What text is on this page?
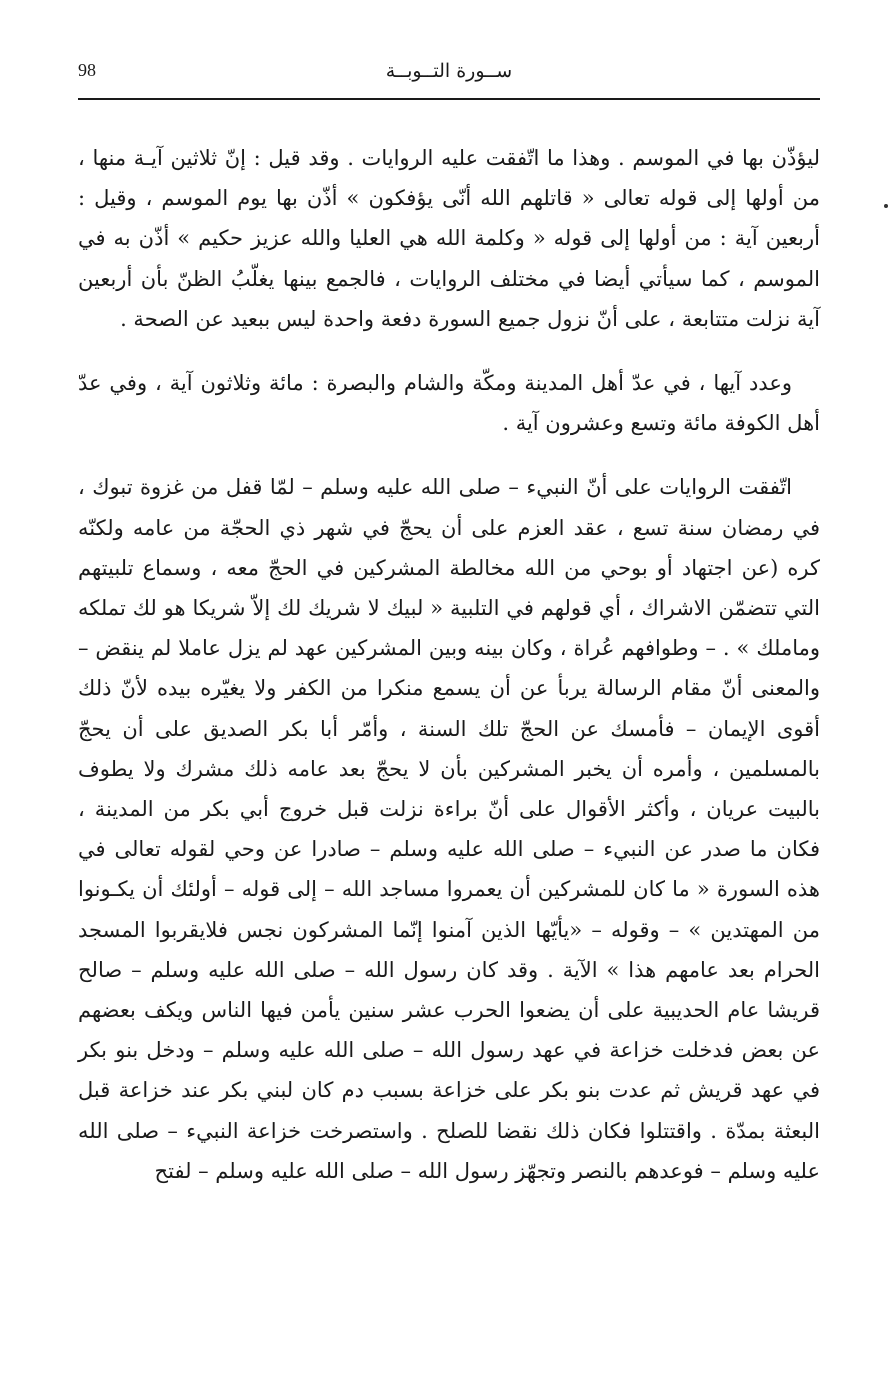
98	ســورة التــوبــة

ليؤذّن بها في الموسم . وهذا ما اتّفقت عليه الروايات . وقد قيل : إنّ ثلاثين آيـة منها ، من أولها إلى قوله تعالى « قاتلهم الله أنّى يؤفكون » أذّن بها يوم الموسم ، وقيل : أربعين آية : من أولها إلى قوله « وكلمة الله هي العليا والله عزيز حكيم » أذّن به في الموسم ، كما سيأتي أيضا في مختلف الروايات ، فالجمع بينها يغلّبُ الظنّ بأن أربعين آية نزلت متتابعة ، على أنّ نزول جميع السورة دفعة واحدة ليس ببعيد عن الصحة .

وعدد آيها ، في عدّ أهل المدينة ومكّة والشام والبصرة : مائة وثلاثون آية ، وفي عدّ أهل الكوفة مائة وتسع وعشرون آية .

اتّفقت الروايات على أنّ النبيء – صلى الله عليه وسلم – لمّا قفل من غزوة تبوك ، في رمضان سنة تسع ، عقد العزم على أن يحجّ في شهر ذي الحجّة من عامه ولكنّه كره (عن اجتهاد أو بوحي من الله مخالطة المشركين في الحجّ معه ، وسماع تلبيتهم التي تتضمّن الاشراك ، أي قولهم في التلبية « لبيك لا شريك لك إلاّ شريكا هو لك تملكه وماملك » . – وطوافهم عُراة ، وكان بينه وبين المشركين عهد لم يزل عاملا لم ينقض – والمعنى أنّ مقام الرسالة يربأ عن أن يسمع منكرا من الكفر ولا يغيّره بيده لأنّ ذلك أقوى الإيمان – فأمسك عن الحجّ تلك السنة ، وأمّر أبا بكر الصديق على أن يحجّ بالمسلمين ، وأمره أن يخبر المشركين بأن لا يحجّ بعد عامه ذلك مشرك ولا يطوف بالبيت عريان ، وأكثر الأقوال على أنّ براءة نزلت قبل خروج أبي بكر من المدينة ، فكان ما صدر عن النبيء – صلى الله عليه وسلم – صادرا عن وحي لقوله تعالى في هذه السورة « ما كان للمشركين أن يعمروا مساجد الله – إلى قوله – أولئك أن يكـونوا من المهتدين » – وقوله – «يأيّها الذين آمنوا إنّما المشركون نجس فلايقربوا المسجد الحرام بعد عامهم هذا » الآية . وقد كان رسول الله – صلى الله عليه وسلم – صالح قريشا عام الحديبية على أن يضعوا الحرب عشر سنين يأمن فيها الناس ويكف بعضهم عن بعض فدخلت خزاعة في عهد رسول الله – صلى الله عليه وسلم – ودخل بنو بكر في عهد قريش ثم عدت بنو بكر على خزاعة بسبب دم كان لبني بكر عند خزاعة قبل البعثة بمدّة . واقتتلوا فكان ذلك نقضا للصلح . واستصرخت خزاعة النبيء – صلى الله عليه وسلم – فوعدهم بالنصر وتجهّز رسول الله – صلى الله عليه وسلم – لفتح
